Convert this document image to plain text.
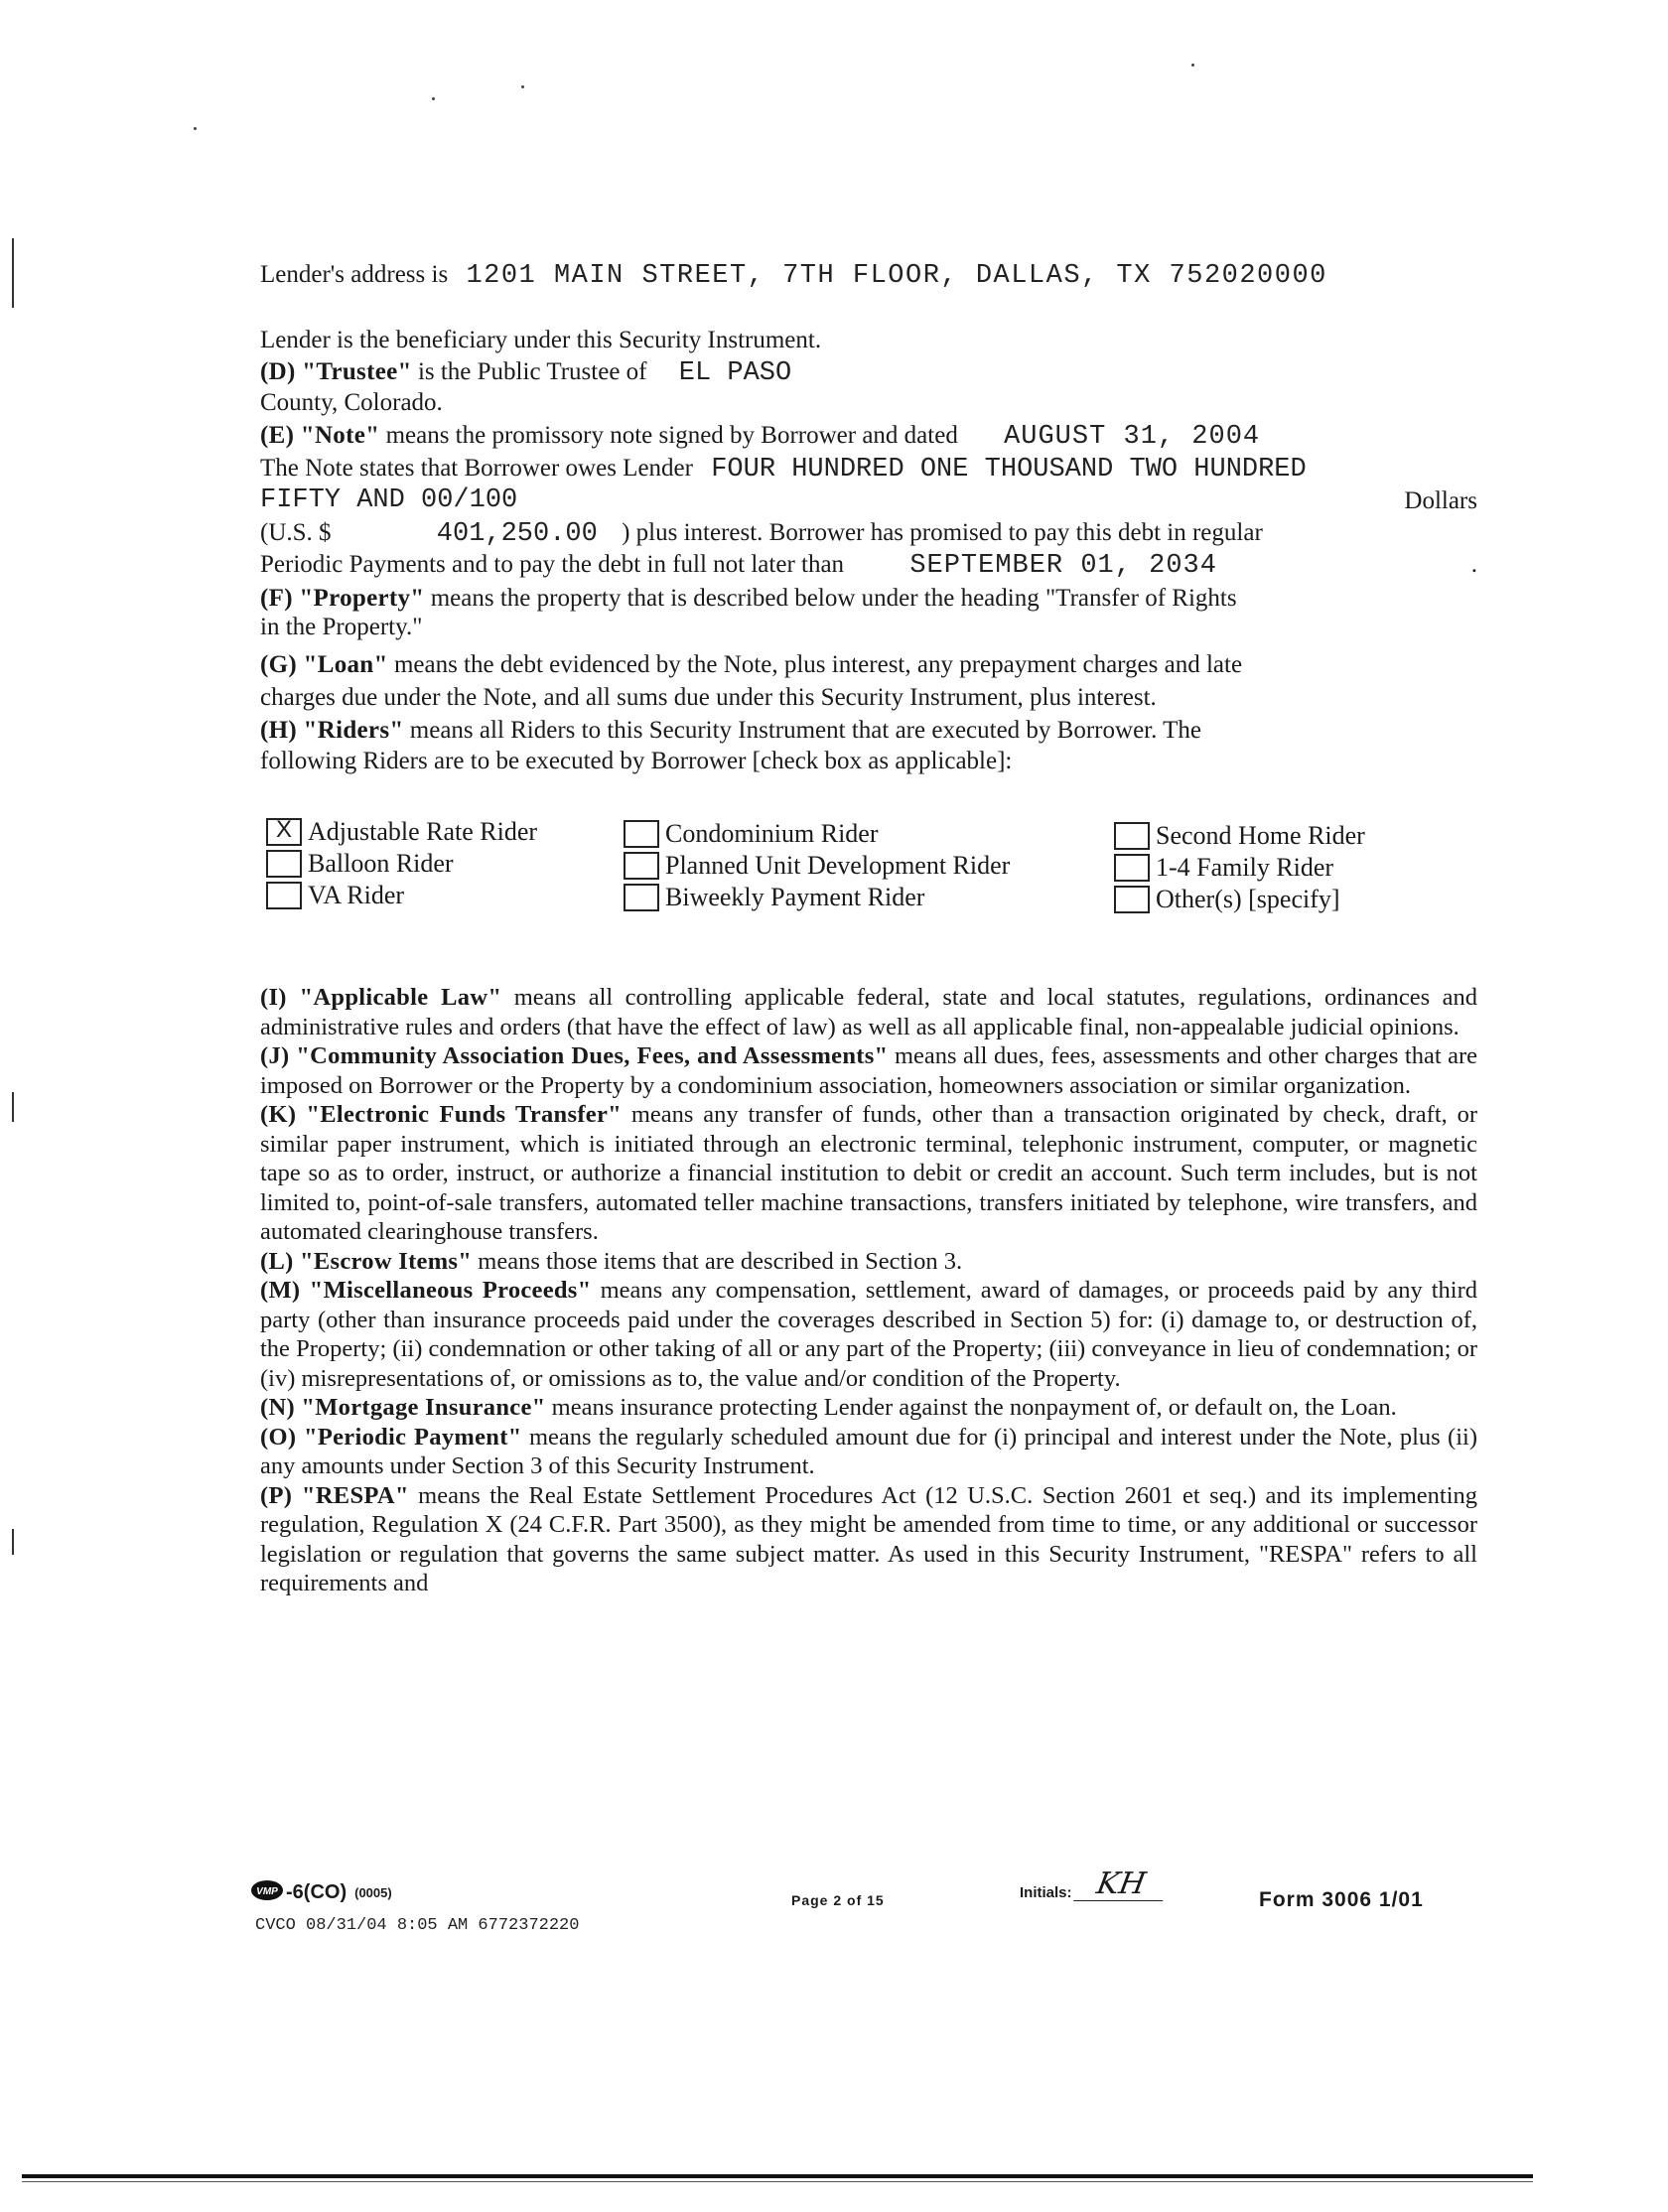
Lender's address is 1201 MAIN STREET, 7TH FLOOR, DALLAS, TX 752020000
Lender is the beneficiary under this Security Instrument.
(D) "Trustee" is the Public Trustee of EL PASO
County, Colorado.
(E) "Note" means the promissory note signed by Borrower and dated AUGUST 31, 2004
The Note states that Borrower owes Lender FOUR HUNDRED ONE THOUSAND TWO HUNDRED
FIFTY AND 00/100	Dollars
(U.S. $	401,250.00 ) plus interest. Borrower has promised to pay this debt in regular
Periodic Payments and to pay the debt in full not later than SEPTEMBER 01, 2034	.
(F) "Property" means the property that is described below under the heading "Transfer of Rights
in the Property."
(G) "Loan" means the debt evidenced by the Note, plus interest, any prepayment charges and late
charges due under the Note, and all sums due under this Security Instrument, plus interest.
(H) "Riders" means all Riders to this Security Instrument that are executed by Borrower. The
following Riders are to be executed by Borrower [check box as applicable]:
X Adjustable Rate Rider
Balloon Rider
VA Rider
Condominium Rider
Planned Unit Development Rider
Biweekly Payment Rider
Second Home Rider
1-4 Family Rider
Other(s) [specify]

(I) "Applicable Law" means all controlling applicable federal, state and local statutes, regulations, ordinances and administrative rules and orders (that have the effect of law) as well as all applicable final, non-appealable judicial opinions.

(J) "Community Association Dues, Fees, and Assessments" means all dues, fees, assessments and other charges that are imposed on Borrower or the Property by a condominium association, homeowners association or similar organization.

(K) "Electronic Funds Transfer" means any transfer of funds, other than a transaction originated by check, draft, or similar paper instrument, which is initiated through an electronic terminal, telephonic instrument, computer, or magnetic tape so as to order, instruct, or authorize a financial institution to debit or credit an account. Such term includes, but is not limited to, point-of-sale transfers, automated teller machine transactions, transfers initiated by telephone, wire transfers, and automated clearinghouse transfers.

(L) "Escrow Items" means those items that are described in Section 3.

(M) "Miscellaneous Proceeds" means any compensation, settlement, award of damages, or proceeds paid by any third party (other than insurance proceeds paid under the coverages described in Section 5) for: (i) damage to, or destruction of, the Property; (ii) condemnation or other taking of all or any part of the Property; (iii) conveyance in lieu of condemnation; or (iv) misrepresentations of, or omissions as to, the value and/or condition of the Property.

(N) "Mortgage Insurance" means insurance protecting Lender against the nonpayment of, or default on, the Loan.

(O) "Periodic Payment" means the regularly scheduled amount due for (i) principal and interest under the Note, plus (ii) any amounts under Section 3 of this Security Instrument.

(P) "RESPA" means the Real Estate Settlement Procedures Act (12 U.S.C. Section 2601 et seq.) and its implementing regulation, Regulation X (24 C.F.R. Part 3500), as they might be amended from time to time, or any additional or successor legislation or regulation that governs the same subject matter. As used in this Security Instrument, "RESPA" refers to all requirements and

VMP -6(CO) (0005)
CVCO 08/31/04 8:05 AM 6772372220
Page 2 of 15	Initials: KH	Form 3006 1/01
